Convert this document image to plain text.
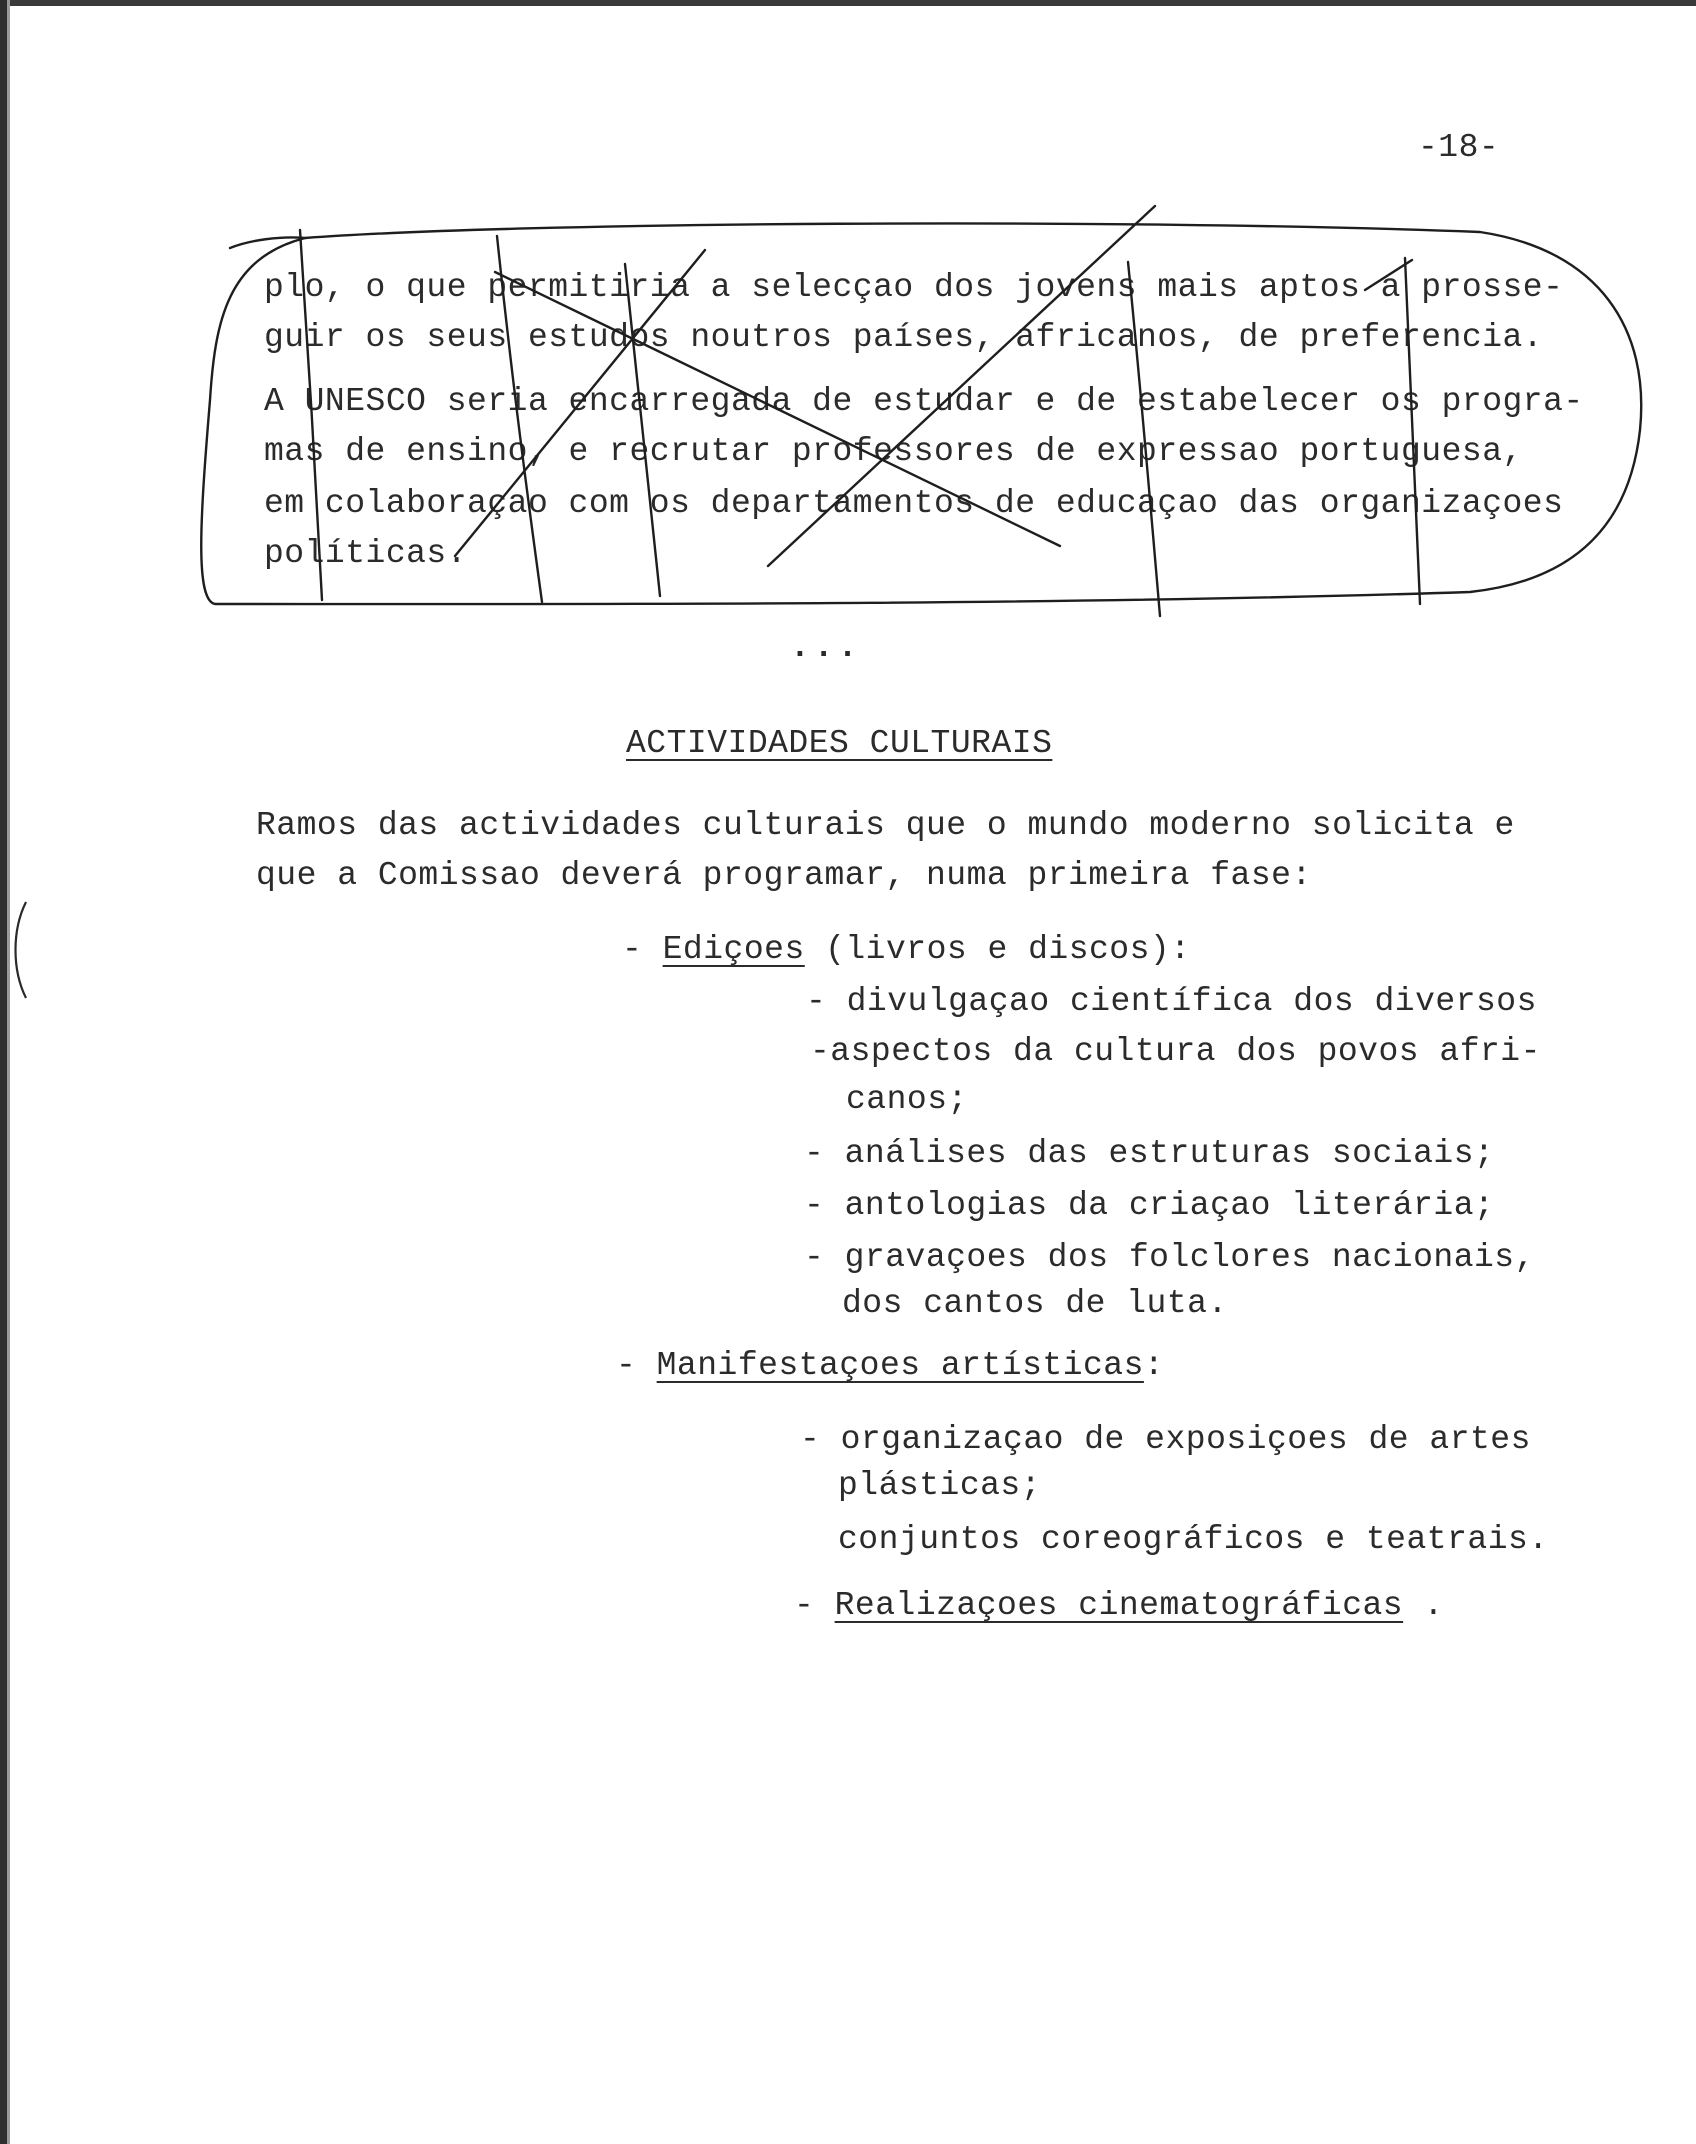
-18-
plo, o que permitiria a selecçao dos jovens mais aptos a prosse-
guir os seus estudos noutros países, africanos, de preferencia.
A UNESCO seria encarregada de estudar e de estabelecer os progra-
mas de ensino, e recrutar professores de expressao portuguesa,
em colaboraçao com os departamentos de educaçao das organizaçoes
políticas.
...
ACTIVIDADES CULTURAIS
Ramos das actividades culturais que o mundo moderno solicita e
que a Comissao deverá programar, numa primeira fase:
- Ediçoes (livros e discos):
- divulgaçao científica dos diversos
-aspectos da cultura dos povos afri-
canos;
- análises das estruturas sociais;
- antologias da criaçao literária;
- gravaçoes dos folclores nacionais,
dos cantos de luta.
- Manifestaçoes artísticas:
- organizaçao de exposiçoes de artes
plásticas;
conjuntos coreográficos e teatrais.
- Realizaçoes cinematográficas .
